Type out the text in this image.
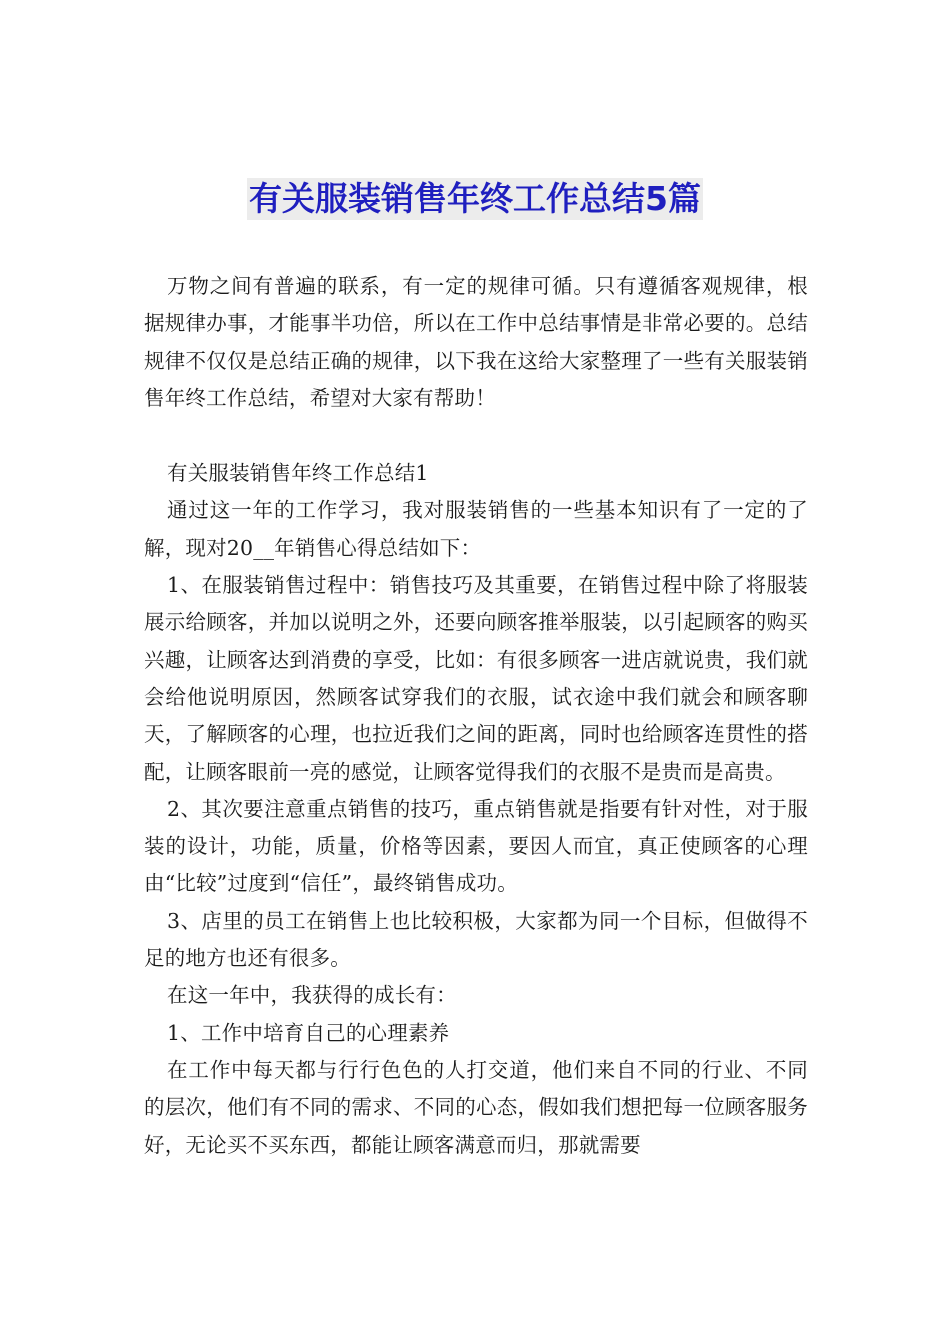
有关服装销售年终工作总结5篇

万物之间有普遍的联系，有一定的规律可循。只有遵循客观规律，根据规律办事，才能事半功倍，所以在工作中总结事情是非常必要的。总结规律不仅仅是总结正确的规律，以下我在这给大家整理了一些有关服装销售年终工作总结，希望对大家有帮助！

有关服装销售年终工作总结1

通过这一年的工作学习，我对服装销售的一些基本知识有了一定的了解，现对20__年销售心得总结如下：

1、在服装销售过程中：销售技巧及其重要，在销售过程中除了将服装展示给顾客，并加以说明之外，还要向顾客推举服装，以引起顾客的购买兴趣，让顾客达到消费的享受，比如：有很多顾客一进店就说贵，我们就会给他说明原因，然顾客试穿我们的衣服，试衣途中我们就会和顾客聊天，了解顾客的心理，也拉近我们之间的距离，同时也给顾客连贯性的搭配，让顾客眼前一亮的感觉，让顾客觉得我们的衣服不是贵而是高贵。

2、其次要注意重点销售的技巧，重点销售就是指要有针对性，对于服装的设计，功能，质量，价格等因素，要因人而宜，真正使顾客的心理由“比较”过度到“信任”，最终销售成功。

3、店里的员工在销售上也比较积极，大家都为同一个目标，但做得不足的地方也还有很多。

在这一年中，我获得的成长有：

1、工作中培育自己的心理素养

在工作中每天都与行行色色的人打交道，他们来自不同的行业、不同的层次，他们有不同的需求、不同的心态，假如我们想把每一位顾客服务好，无论买不买东西，都能让顾客满意而归，那就需要
